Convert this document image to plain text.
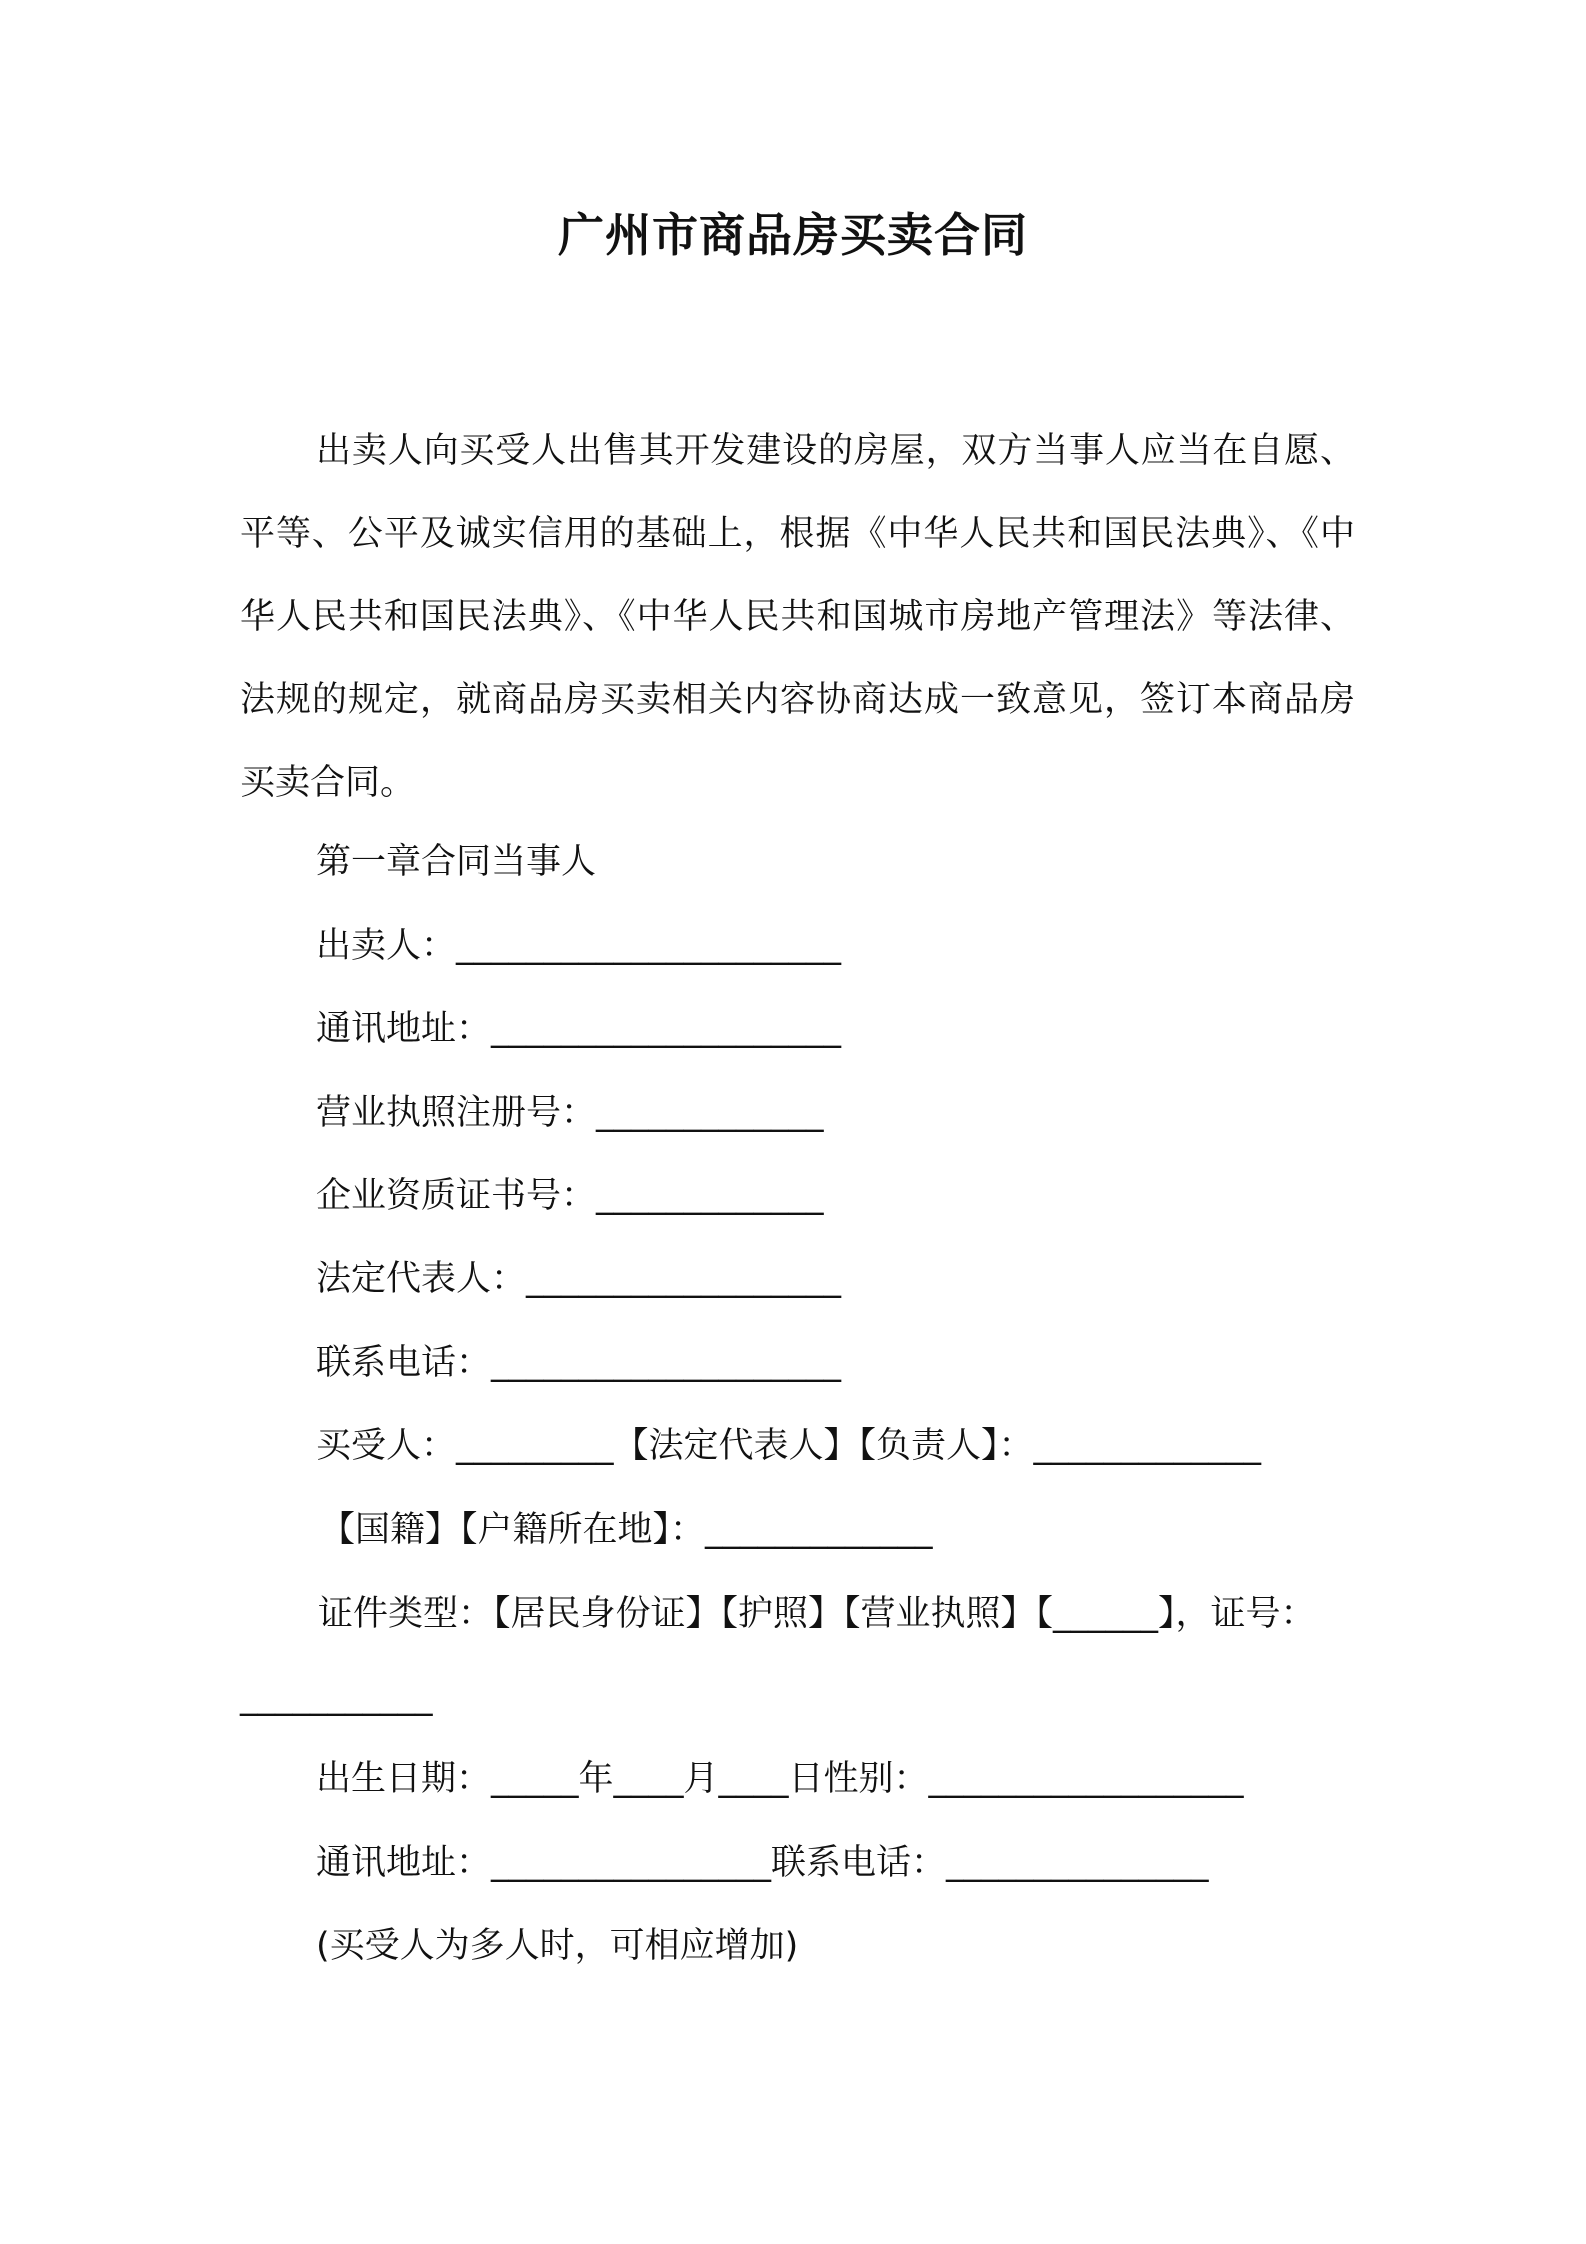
广州市商品房买卖合同

出卖人向买受人出售其开发建设的房屋，双方当事人应当在自愿、平等、公平及诚实信用的基础上，根据《中华人民共和国民法典》、《中华人民共和国民法典》、《中华人民共和国城市房地产管理法》等法律、法规的规定，就商品房买卖相关内容协商达成一致意见，签订本商品房买卖合同。

第一章合同当事人
出卖人：______________________
通讯地址：____________________
营业执照注册号：_____________
企业资质证书号：_____________
法定代表人：__________________
联系电话：____________________
买受人：_________【法定代表人】【负责人】：_____________
【国籍】【户籍所在地】：_____________
证件类型：【居民身份证】【护照】【营业执照】【______】，证号：___________
出生日期：_____年____月____日性别：__________________
通讯地址：________________联系电话：_______________
(买受人为多人时，可相应增加)
